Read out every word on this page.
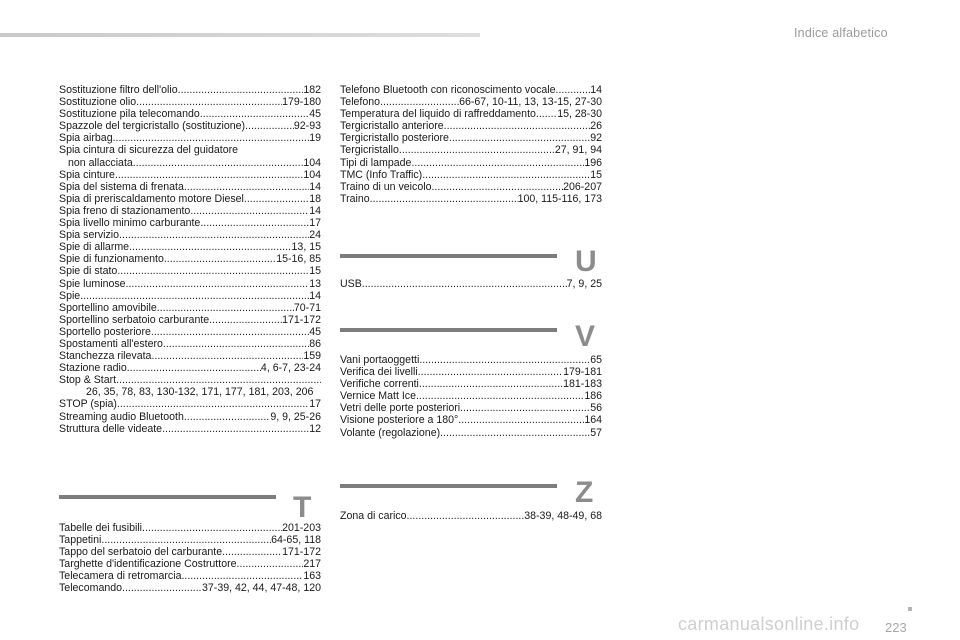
Indice alfabetico
Sostituzione filtro dell'olio .....	182
Sostituzione olio .....	179-180
Sostituzione pila telecomando .....	45
Spazzole del tergicristallo (sostituzione) .....	92-93
Spia airbag .....	19
Spia cintura di sicurezza del guidatore
non allacciata .....	104
Spia cinture .....	104
Spia del sistema di frenata .....	14
Spia di preriscaldamento motore Diesel .....	18
Spia freno di stazionamento .....	14
Spia livello minimo carburante .....	17
Spia servizio .....	24
Spie di allarme .....	13, 15
Spie di funzionamento .....	15-16, 85
Spie di stato .....	15
Spie luminose .....	13
Spie .....	14
Sportellino amovibile .....	70-71
Sportellino serbatoio carburante .....	171-172
Sportello posteriore .....	45
Spostamenti all'estero .....	86
Stanchezza rilevata .....	159
Stazione radio .....	4, 6-7, 23-24
Stop & Start
.....
26, 35, 78, 83, 130-132, 171, 177, 181, 203, 206
STOP (spia) .....	17
Streaming audio Bluetooth .....	9, 9, 25-26
Struttura delle videate .....	12
T
Tabelle dei fusibili .....	201-203
Tappetini .....	64-65, 118
Tappo del serbatoio del carburante .....	171-172
Targhette d'identificazione Costruttore .....	217
Telecamera di retromarcia .....	163
Telecomando .....	37-39, 42, 44, 47-48, 120
Telefono Bluetooth con riconoscimento vocale .....	14
Telefono .....	66-67, 10-11, 13, 13-15, 27-30
Temperatura del liquido di raffreddamento ..... 15, 28-30
Tergicristallo anteriore .....	26
Tergicristallo posteriore .....	92
Tergicristallo .....	27, 91, 94
Tipi di lampade .....	196
TMC (Info Traffic) .....	15
Traino di un veicolo .....	206-207
Traino .....	100, 115-116, 173
U
USB .....	7, 9, 25
V
Vani portaoggetti .....	65
Verifica dei livelli .....	179-181
Verifiche correnti .....	181-183
Vernice Matt Ice .....	186
Vetri delle porte posteriori .....	56
Visione posteriore a 180° .....	164
Volante (regolazione) .....	57
Z
Zona di carico .....	38-39, 48-49, 68
carmanualsonline.info 223
